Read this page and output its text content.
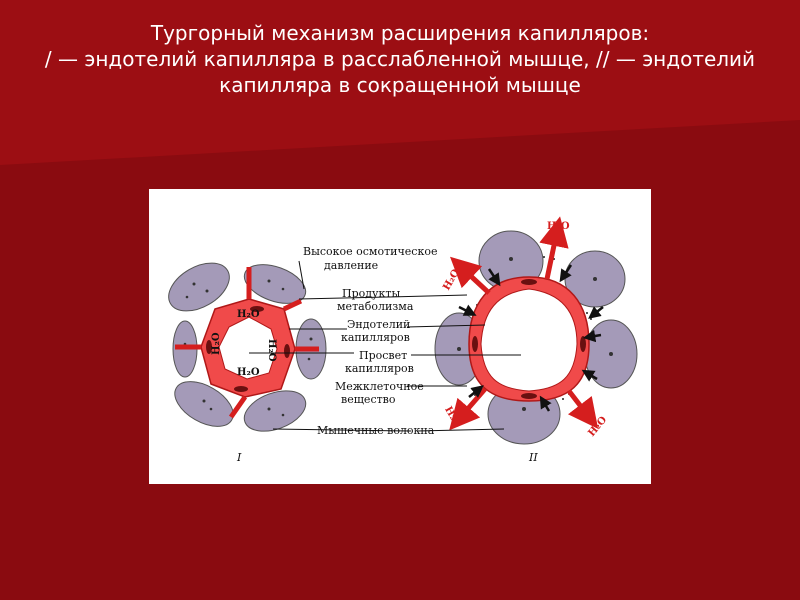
Тургорный механизм расширения капилляров:
/ — эндотелий капилляра в расслабленной мышце, // — эндотелий
капилляра в сокращенной мышце
H₂O
H₂O
H₂O	H₂O
I
H₂O
H₂O
H₂O	H₂O
II
Высокое осмотическое
давление
Продукты
метаболизма
Эндотелий
капилляров
Просвет
капилляров
Межклеточное
вещество
Мышечные волокна
